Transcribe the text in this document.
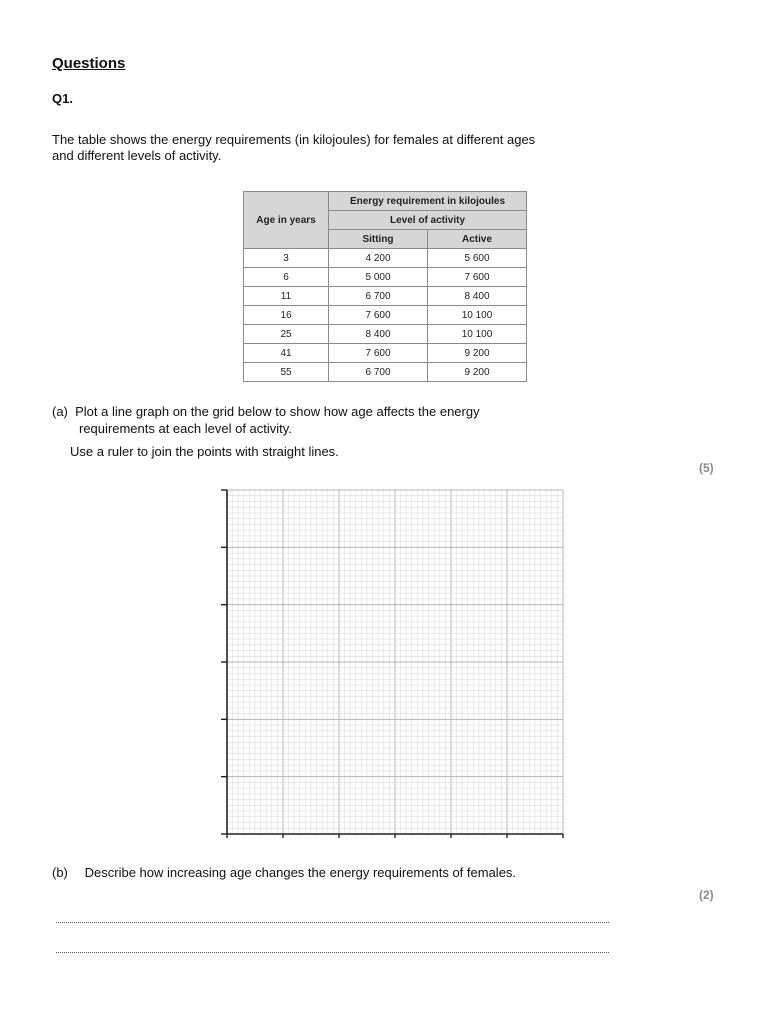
Questions
Q1.
The table shows the energy requirements (in kilojoules) for females at different ages
and different levels of activity.
Age in years	Energy requirement in kilojoules	
	Level of activity	
	Sitting	Active
3	4 200	5 600
6	5 000	7 600
11	6 700	8 400
16	7 600	10 100
25	8 400	10 100
41	7 600	9 200
55	6 700	9 200
(a) Plot a line graph on the grid below to show how age affects the energy
requirements at each level of activity.
Use a ruler to join the points with straight lines.
(5)
(b) Describe how increasing age changes the energy requirements of females.
(2)
